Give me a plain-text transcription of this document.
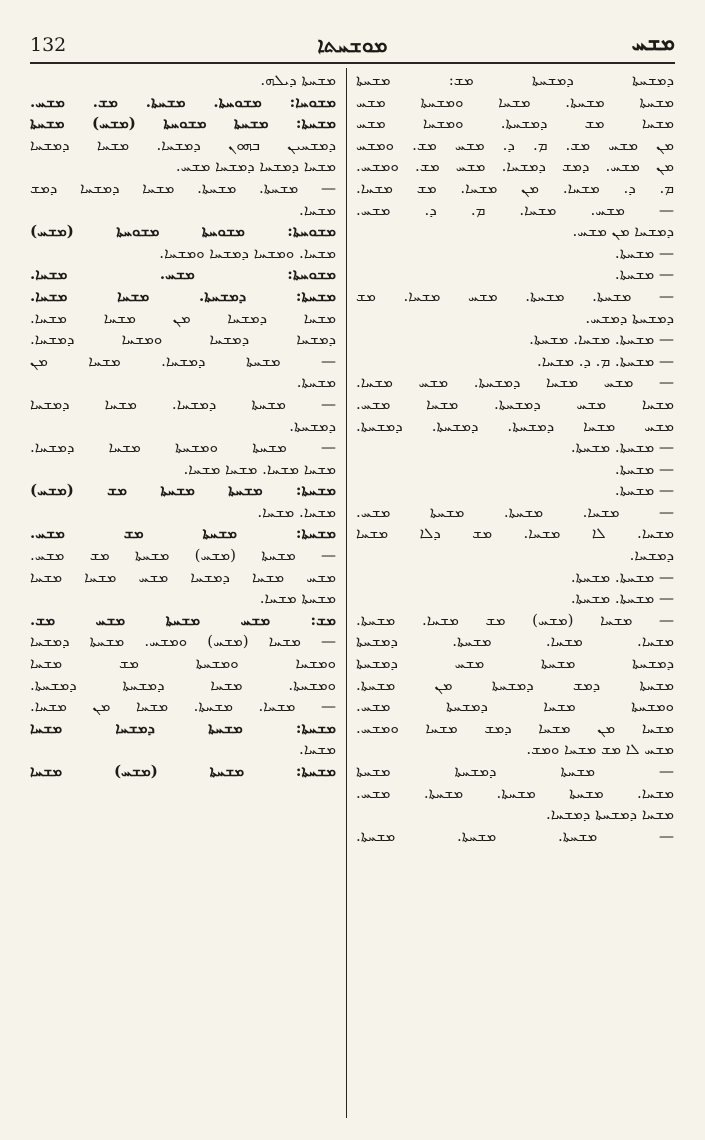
132	ܡܘܫܚܬܐ	ܡܫܚ
ܡܫܚܬܐ ܕܝܠܗ.
ܡܫܘܚܐ: ܡܫܘܚܬܐ. ܡܫܚܬܐ. ܡܫ. ܡܫܚ.
ܡܫܚܬܐ: ܡܫܚܬܐ ܡܫܘܚܬܐ (ܡܫܚ) ܡܫܚܬܐ
ܕܡܫܚܝܢ ܒܗܘܢ ܕܡܫܚܐ. ܡܫܚܐ ܕܡܫܚܐ
ܡܫܚܐ ܕܡܫܚܐ ܕܡܫܚܐ ܡܫܚ.
— ܡܫܚܬܐ. ܡܫܚܬܐ. ܡܫܚܐ ܕܡܫܚܐ ܕܡܫ
ܡܫܚܐ.
ܡܫܘܚܬܐ: ܡܫܘܚܬܐ ܡܫܘܚܬܐ (ܡܫܚ)
ܡܫܚܐ. ܘܡܫܚܐ ܕܡܫܚܐ ܘܡܫܚܐ.
ܡܫܘܚܬܐ: ܡܫܚ. ܡܫܚܐ.
ܡܫܚܬܐ: ܕܡܫܚܬܐ. ܡܫܚܐ ܡܫܚܐ.
ܡܫܚܐ ܕܡܫܚܐ ܡܢ ܡܫܚܐ ܡܫܚܐ.
ܕܡܫܚܐ ܕܡܫܚܐ ܘܡܫܚܐ ܕܡܫܚܐ.
— ܡܫܚܬܐ ܕܡܫܚܐ. ܡܫܚܐ ܡܢ
ܡܫܚܬܐ.
— ܡܫܚܬܐ ܕܡܫܚܐ. ܡܫܚܐ ܕܡܫܚܐ
ܕܡܫܚܬܐ.
— ܡܫܚܬܐ ܘܡܫܚܬܐ ܡܫܚܐ ܕܡܫܚܐ.
ܡܫܚܐ ܡܫܚܐ. ܡܫܚܐ ܡܫܚܐ.
ܡܫܚܬܐ: ܡܫܚܬܐ ܡܫܚܬܐ ܡܫ (ܡܫܚ)
ܡܫܚܐ. ܡܫܚܐ.
ܡܫܚܬܐ: ܡܫܚܬܐ ܡܫ ܡܫܚ.
— ܡܫܚܬܐ (ܡܫܚ) ܡܫܚܬܐ ܡܫ ܡܫܚ.
ܡܫܚ ܡܫܚܐ ܕܡܫܚܐ ܡܫܚ ܡܫܚܐ ܡܫܚܐ
ܡܫܚܬܐ ܡܫܚܐ.
ܡܫ: ܡܫܚ ܡܫܚܬܐ ܡܫܚ ܡܫ.
— ܡܫܚܐ (ܡܫܚ) ܘܡܫܚ. ܡܫܚܬܐ ܕܡܫܚܐ
ܘܡܫܚܐ ܘܡܫܚܬܐ ܡܫ ܡܫܚܐ
ܘܡܫܚܬܐ. ܡܫܚܐ ܕܡܫܚܬܐ ܕܡܫܚܬܐ.
— ܡܫܚܐ. ܡܫܚܬܐ. ܡܫܚܐ ܡܢ ܡܫܚܐ.
ܡܫܚܬܐ: ܡܫܚܬܐ ܕܡܫܚܐ ܡܫܚܐ
ܡܫܚܐ.
ܡܫܚܬܐ: ܡܫܚܬܐ (ܡܫܚ) ܡܫܚܐ
ܕܡܫܚܬܐ ܕܡܫܚܬܐ ܡܫ: ܡܫܚܬܐ
ܡܫܚܬܐ ܡܫܚܬܐ. ܡܫܚܐ ܘܡܫܚܬܐ ܡܫܚ
ܡܫܚܐ ܡܫ ܕܡܫܚܬܐ. ܘܡܫܚܐ ܡܫܚ
ܡܢ ܡܫܚ ܡܫ. ܡ. ܕ. ܡܫܚ ܡܫ. ܘܡܫܚ
ܡܢ ܡܫܚ. ܕܡܫ ܕܡܫܚܐ. ܡܫܚ ܡܫ. ܘܡܫܚ.
ܡ. ܕ. ܡܫܚܐ. ܡܢ ܡܫܚܐ. ܡܫ ܡܫܚܐ.
— ܡܫܚ. ܡܫܚܐ. ܡ. ܕ. ܡܫܚ.
ܕܡܫܚܐ ܡܢ ܡܫܚ.
— ܡܫܚܬܐ.
— ܡܫܚܬܐ.
— ܡܫܚܬܐ. ܡܫܚܬܐ. ܡܫܚ ܡܫܚܐ. ܡܫ
ܕܡܫܚܬܐ ܕܡܫܚ.
— ܡܫܚܬܐ. ܡܫܚܐ. ܡܫܚܬܐ.
— ܡܫܚܬܐ. ܡ. ܕ. ܡܫܚܐ.
— ܡܫܚ ܡܫܚܐ ܕܡܫܚܬܐ. ܡܫܚ ܡܫܚܐ.
ܡܫܚܐ ܡܫܚ ܕܡܫܚܬܐ. ܡܫܚܐ ܡܫܚ.
ܡܫܚ ܡܫܚܐ ܕܡܫܚܬܐ. ܕܡܫܚܬܐ. ܕܡܫܚܬܐ.
— ܡܫܚܬܐ. ܡܫܚܬܐ.
— ܡܫܚܬܐ.
— ܡܫܚܬܐ.
— ܡܫܚܐ. ܡܫܚܬܐ. ܡܫܚܬܐ ܡܫܚ.
ܡܫܚܐ. ܠܐ ܡܫܚܐ. ܡܫ ܕܠܐ ܡܫܚܐ
ܕܡܫܚܐ.
— ܡܫܚܬܐ. ܡܫܚܬܐ.
— ܡܫܚܬܐ. ܡܫܚܬܐ.
— ܡܫܚܐ (ܡܫܚ) ܡܫ ܡܫܚܐ. ܡܫܚܬܐ.
ܡܫܚܐ. ܡܫܚܐ. ܡܫܚܬܐ. ܕܡܫܚܬܐ
ܕܡܫܚܬܐ ܡܫܚܬܐ ܡܫܚ ܕܡܫܚܬܐ
ܡܫܚܬܐ ܕܡܫ ܕܡܫܚܬܐ ܡܢ ܡܫܚܬܐ.
ܘܡܫܚܬܐ ܡܫܚܐ ܕܡܫܚܬܐ ܡܫܚ.
ܡܫܚܐ ܡܢ ܡܫܚܐ ܕܡܫ ܡܫܚܐ ܘܡܫܚ.
ܡܫܚ ܠܐ ܡܫ ܡܫܚܐ ܘܡܫ.
— ܡܫܚܬܐ ܕܡܫܚܬܐ ܡܫܚܬܐ
ܡܫܚܐ. ܡܫܚܬܐ ܡܫܚܬܐ. ܡܫܚܬܐ. ܡܫܚ.
ܡܫܚܐ ܕܡܫܚܬܐ ܕܡܫܚܐ.
— ܡܫܚܬܐ. ܡܫܚܬܐ. ܡܫܚܬܐ.
